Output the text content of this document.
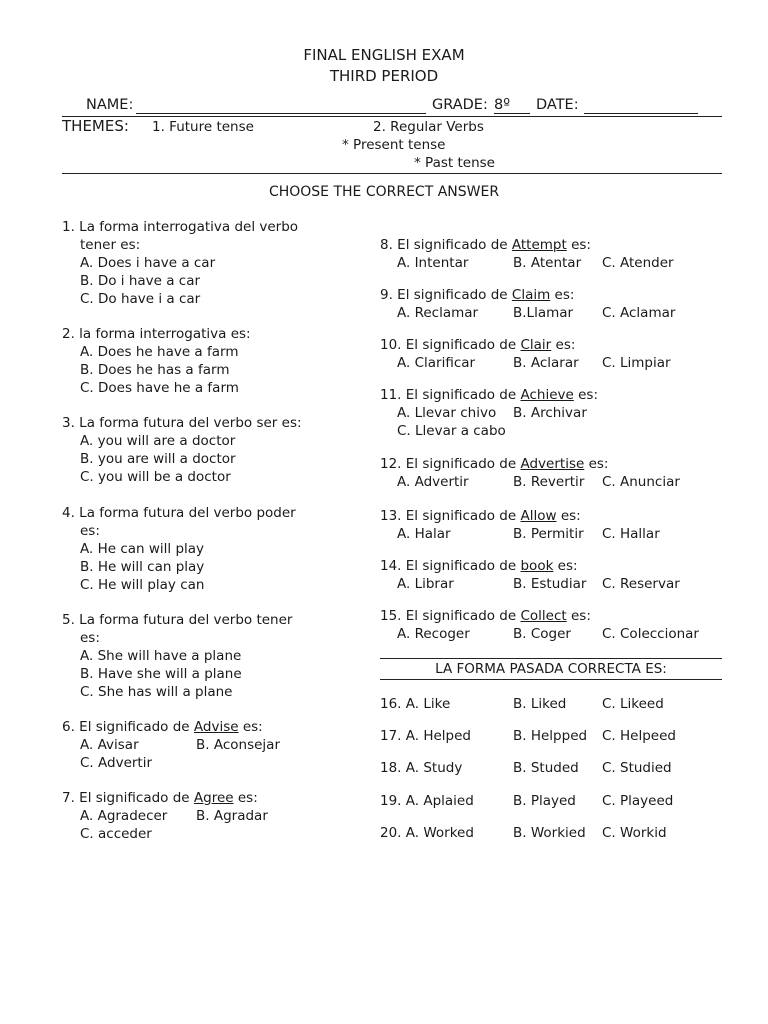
FINAL ENGLISH EXAM
THIRD PERIOD
NAME:	GRADE: 8º DATE:
THEMES: 1. Future tense	2. Regular Verbs
* Present tense
* Past tense
CHOOSE THE CORRECT ANSWER
1. La forma interrogativa del verbo
tener es:
A. Does i have a car
B. Do i have a car
C. Do have i a car
2. la forma interrogativa es:
A. Does he have a farm
B. Does he has a farm
C. Does have he a farm
3. La forma futura del verbo ser es:
A. you will are a doctor
B. you are will a doctor
C. you will be a doctor
4. La forma futura del verbo poder
es:
A. He can will play
B. He will can play
C. He will play can
5. La forma futura del verbo tener
es:
A. She will have a plane
B. Have she will a plane
C. She has will a plane
6. El significado de Advise es:
A. Avisar	B. Aconsejar
C. Advertir
7. El significado de Agree es:
A. Agradecer B. Agradar
C. acceder
8. El significado de Attempt es:
A. Intentar	B. Atentar C. Atender
9. El significado de Claim es:
A. Reclamar	B.Llamar C. Aclamar
10. El significado de Clair es:
A. Clarificar	B. Aclarar C. Limpiar
11. El significado de Achieve es:
A. Llevar chivo B. Archivar
C. Llevar a cabo
12. El significado de Advertise es:
A. Advertir	B. Revertir C. Anunciar
13. El significado de Allow es:
A. Halar	B. Permitir C. Hallar
14. El significado de book es:
A. Librar	B. Estudiar C. Reservar
15. El significado de Collect es:
A. Recoger	B. Coger C. Coleccionar
LA FORMA PASADA CORRECTA ES:
16. A. Like	B. Liked	C. Likeed
17. A. Helped	B. Helpped C. Helpeed
18. A. Study	B. Studed C. Studied
19. A. Aplaied	B. Played C. Playeed
20. A. Worked	B. Workied C. Workid
